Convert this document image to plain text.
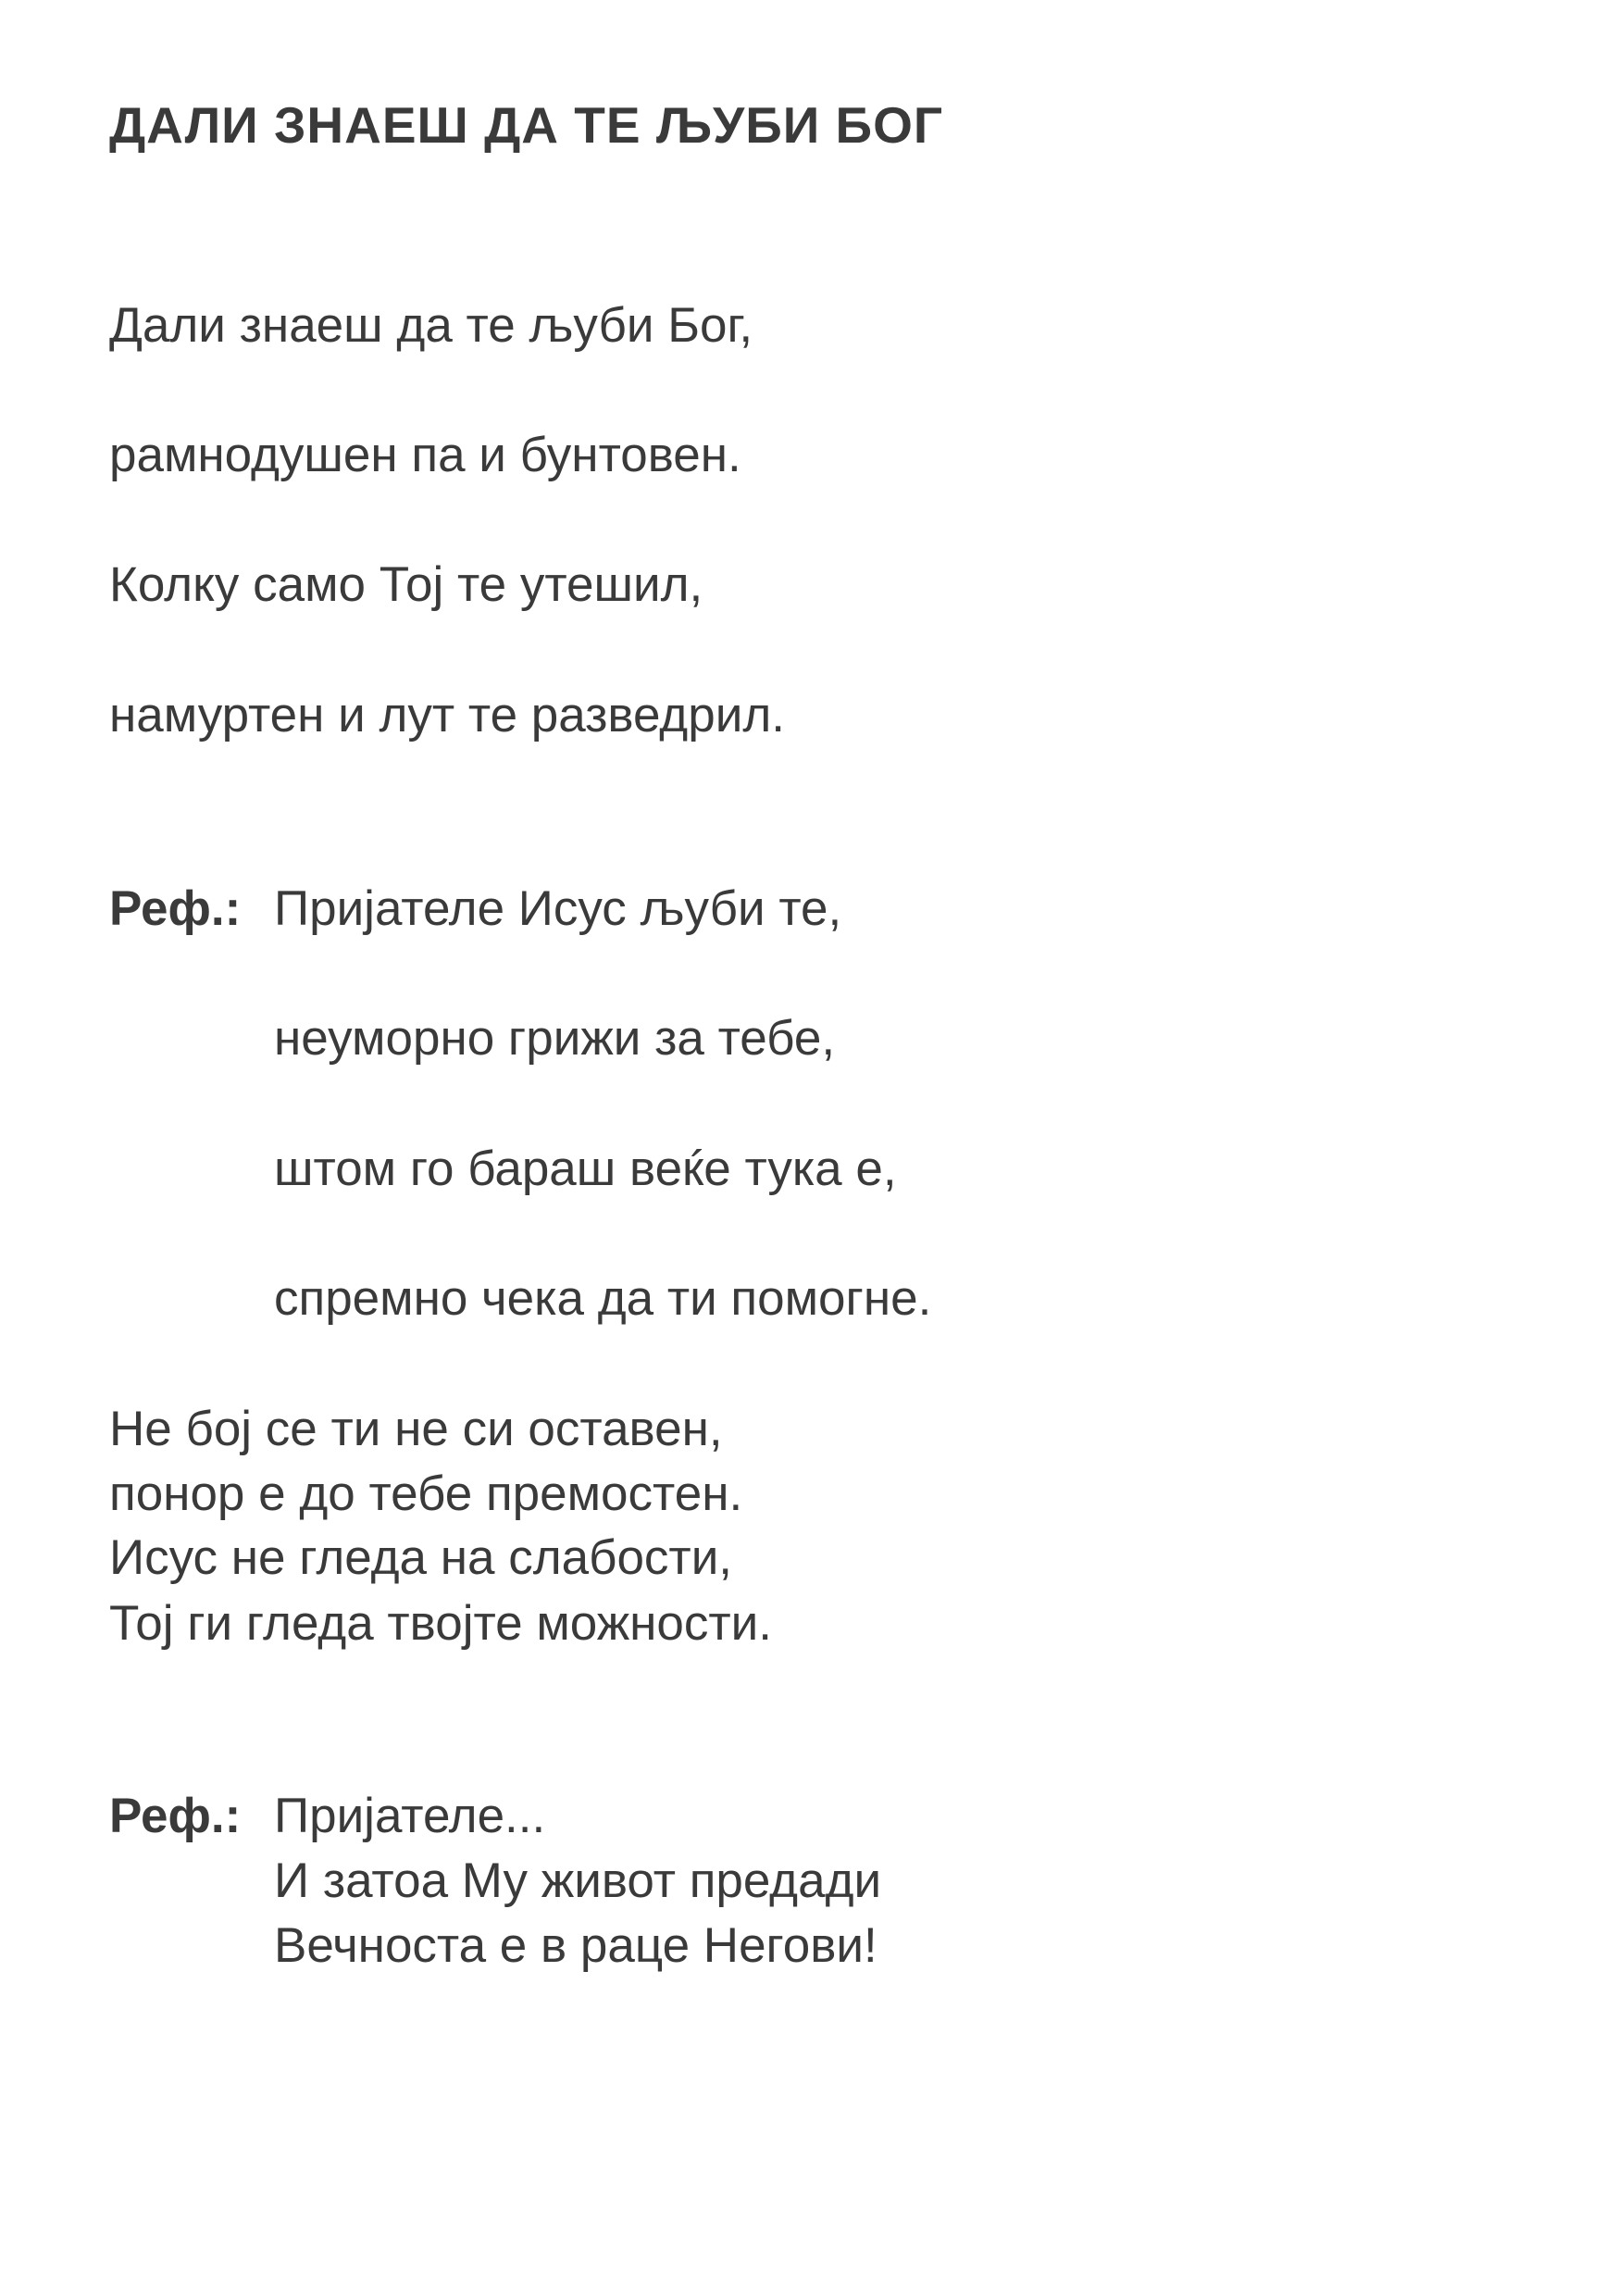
ДАЛИ ЗНАЕШ ДА ТЕ ЉУБИ БОГ
Дали знаеш да те љуби Бог,
рамнодушен па и бунтовен.
Колку само Тој те утешил,
намуртен и лут те разведрил.
Реф.: Пријателе Исус љуби те,
неуморно грижи за тебе,
штом го бараш веќе тука е,
спремно чека да ти помогне.
Не бој се ти не си оставен,
понор е до тебе премостен.
Исус не гледа на слабости,
Тој ги гледа твојте можности.
Реф.: Пријателе...
И затоа Му живот предади
Вечноста е в раце Негови!
